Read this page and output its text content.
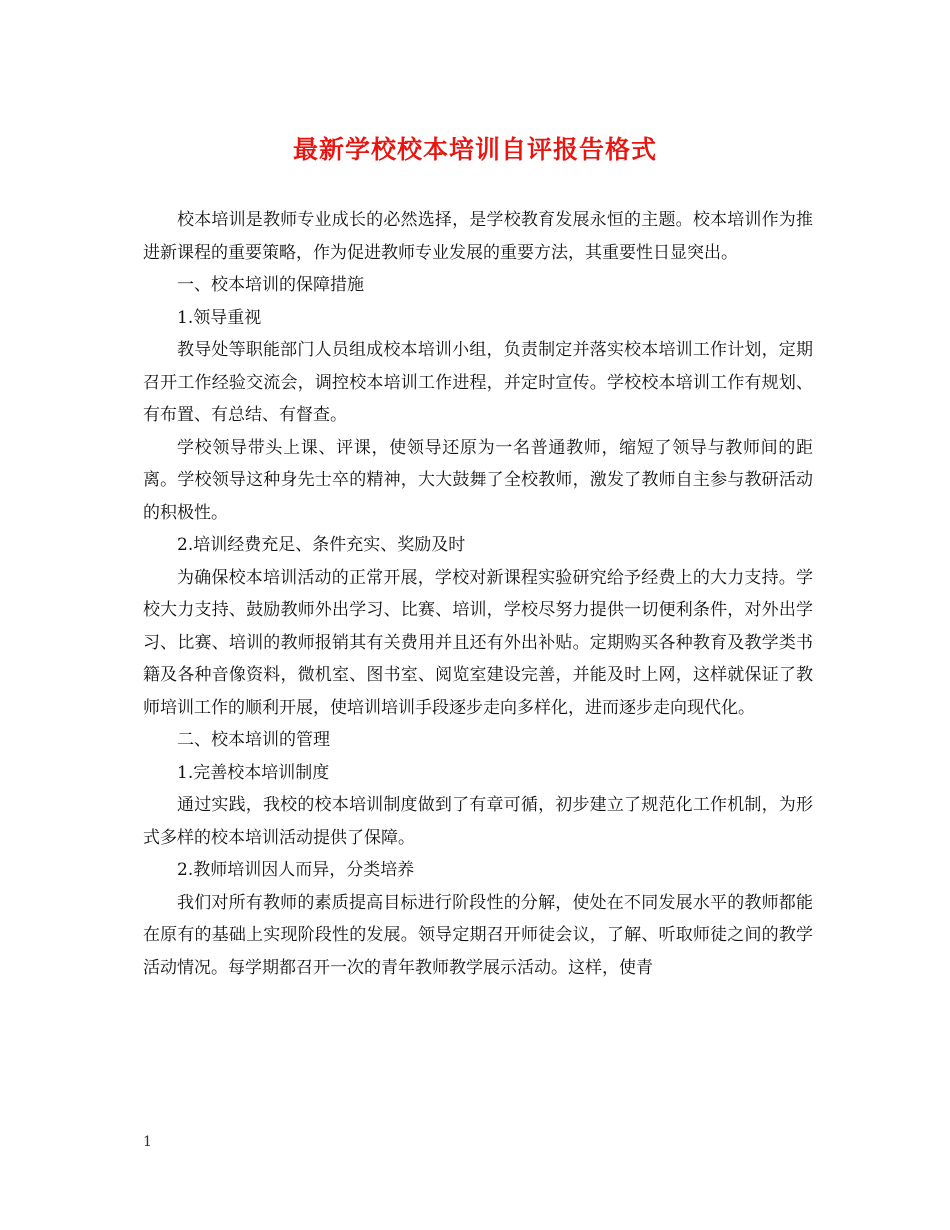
最新学校校本培训自评报告格式

校本培训是教师专业成长的必然选择，是学校教育发展永恒的主题。校本培训作为推进新课程的重要策略，作为促进教师专业发展的重要方法，其重要性日显突出。

一、校本培训的保障措施

1.领导重视

教导处等职能部门人员组成校本培训小组，负责制定并落实校本培训工作计划，定期召开工作经验交流会，调控校本培训工作进程，并定时宣传。学校校本培训工作有规划、有布置、有总结、有督查。

学校领导带头上课、评课，使领导还原为一名普通教师，缩短了领导与教师间的距离。学校领导这种身先士卒的精神，大大鼓舞了全校教师，激发了教师自主参与教研活动的积极性。

2.培训经费充足、条件充实、奖励及时

为确保校本培训活动的正常开展，学校对新课程实验研究给予经费上的大力支持。学校大力支持、鼓励教师外出学习、比赛、培训，学校尽努力提供一切便利条件，对外出学习、比赛、培训的教师报销其有关费用并且还有外出补贴。定期购买各种教育及教学类书籍及各种音像资料，微机室、图书室、阅览室建设完善，并能及时上网，这样就保证了教师培训工作的顺利开展，使培训培训手段逐步走向多样化，进而逐步走向现代化。

二、校本培训的管理

1.完善校本培训制度

通过实践，我校的校本培训制度做到了有章可循，初步建立了规范化工作机制，为形式多样的校本培训活动提供了保障。

2.教师培训因人而异，分类培养

我们对所有教师的素质提高目标进行阶段性的分解，使处在不同发展水平的教师都能在原有的基础上实现阶段性的发展。领导定期召开师徒会议，了解、听取师徒之间的教学活动情况。每学期都召开一次的青年教师教学展示活动。这样，使青

1
